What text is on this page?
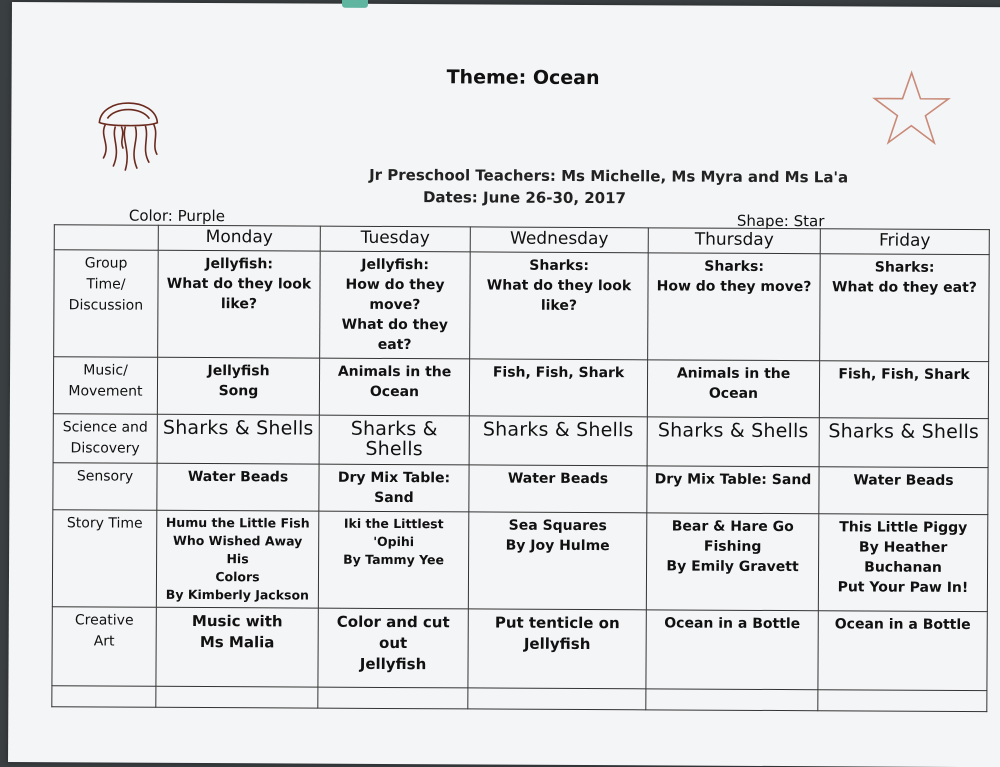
Theme: Ocean
Jr Preschool Teachers: Ms Michelle, Ms Myra and Ms La'a
Dates: June 26-30, 2017
Color: Purple	Shape: Star
	Monday	Tuesday	Wednesday	Thursday	Friday

Group
Time/
Discussion	Jellyfish:
What do they look
like?	Jellyfish:
How do they move?
What do they eat?	Sharks:
What do they look
like?	Sharks:
How do they move?	Sharks:
What do they eat?

Music/
Movement	Jellyfish
Song	Animals in the
Ocean	Fish, Fish, Shark	Animals in the
Ocean	Fish, Fish, Shark

Science and
Discovery	Sharks & Shells	Sharks & Shells	Sharks & Shells	Sharks & Shells	Sharks & Shells

Sensory	Water Beads	Dry Mix Table:
Sand	Water Beads	Dry Mix Table: Sand	Water Beads

Story Time	Humu the Little Fish
Who Wished Away His
Colors
By Kimberly Jackson	Iki the Littlest 'Opihi
By Tammy Yee	Sea Squares
By Joy Hulme	Bear & Hare Go
Fishing
By Emily Gravett	This Little Piggy
By Heather Buchanan
Put Your Paw In!

Creative
Art	Music with
Ms Malia	Color and cut out
Jellyfish	Put tenticle on
Jellyfish	Ocean in a Bottle	Ocean in a Bottle
